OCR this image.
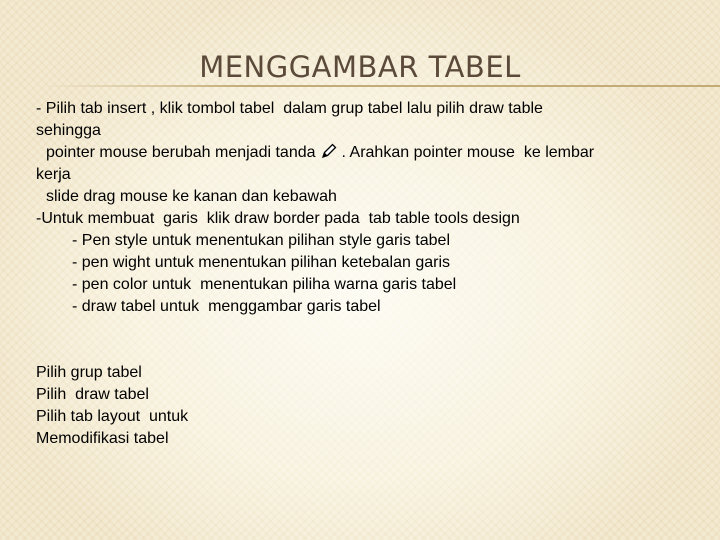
MENGGAMBAR TABEL
- Pilih tab insert , klik tombol tabel  dalam grup tabel lalu pilih draw table
sehingga
pointer mouse berubah menjadi tanda . Arahkan pointer mouse  ke lembar
kerja
slide drag mouse ke kanan dan kebawah
-Untuk membuat  garis  klik draw border pada  tab table tools design
- Pen style untuk menentukan pilihan style garis tabel
- pen wight untuk menentukan pilihan ketebalan garis
- pen color untuk  menentukan piliha warna garis tabel
- draw tabel untuk  menggambar garis tabel
Pilih grup tabel
Pilih  draw tabel
Pilih tab layout  untuk
Memodifikasi tabel
